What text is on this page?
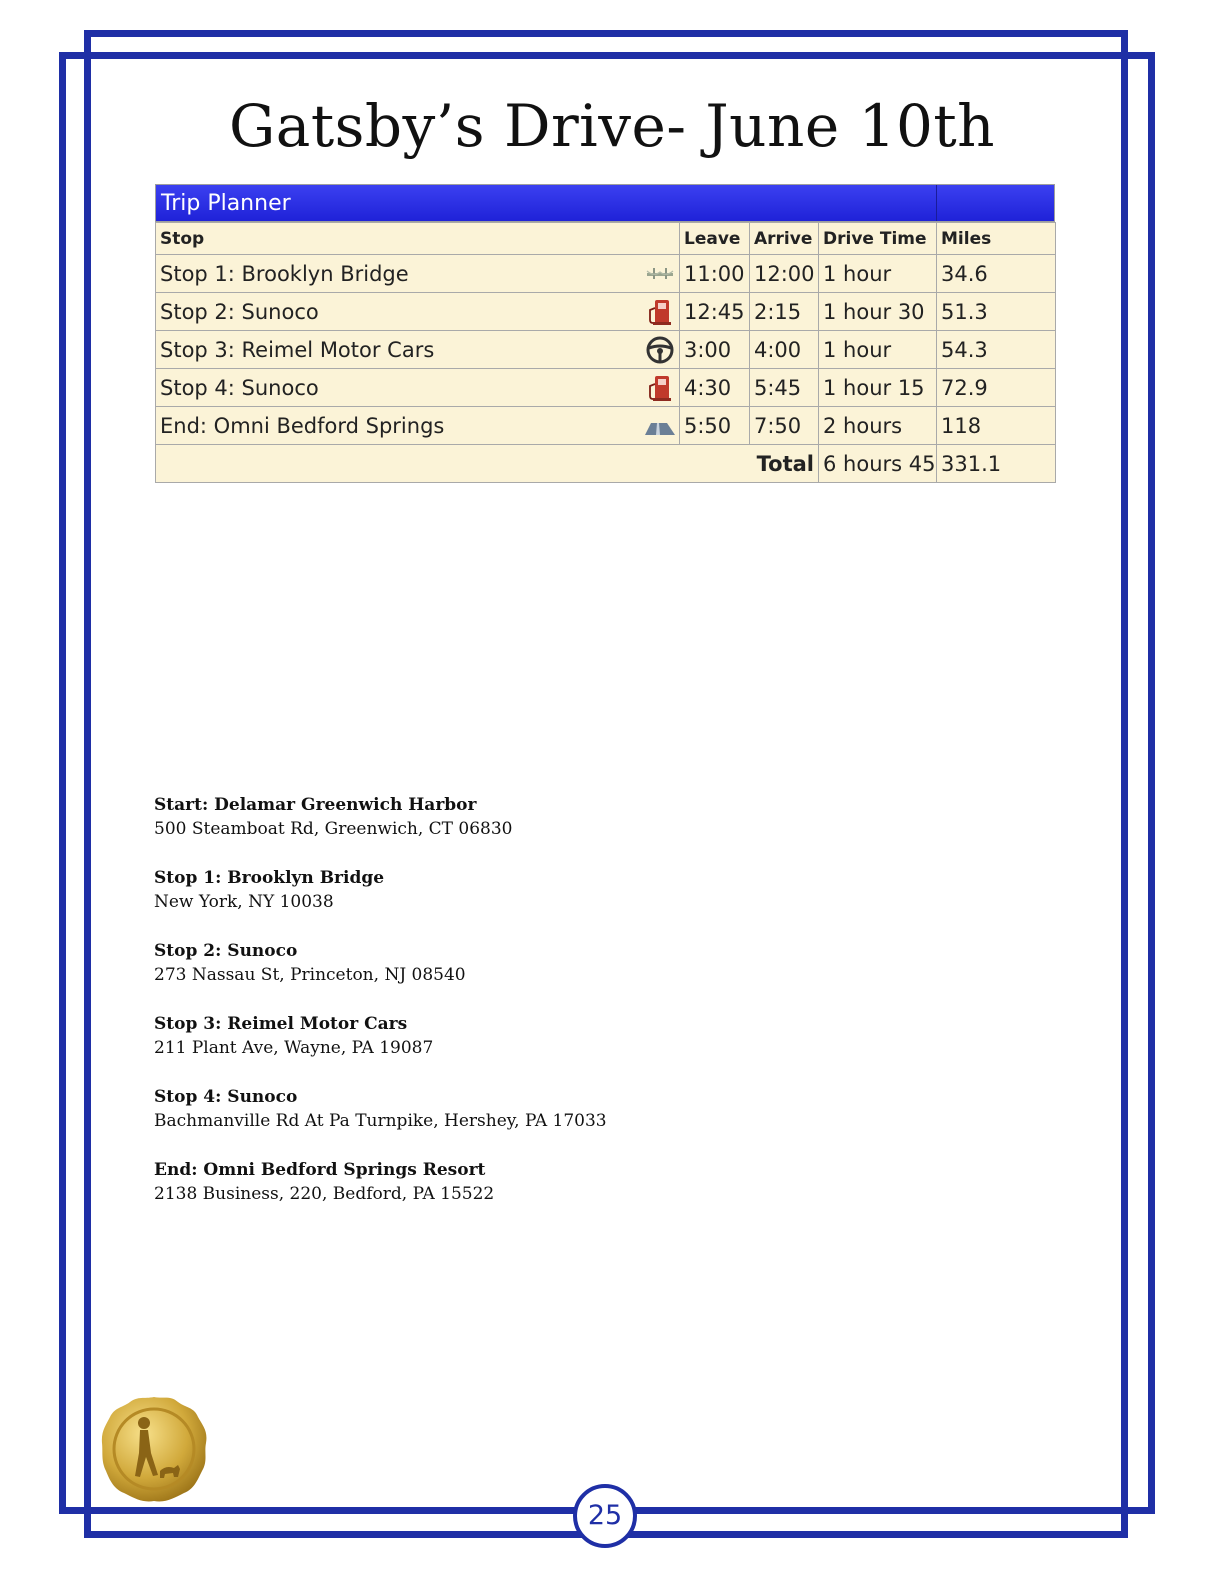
Gatsby’s Drive- June 10th
Trip Planner
Stop	Leave	Arrive	Drive Time	Miles
Stop 1: Brooklyn Bridge	11:00	12:00	1 hour	34.6
Stop 2: Sunoco	12:45	2:15	1 hour 30	51.3
Stop 3: Reimel Motor Cars	3:00	4:00	1 hour	54.3
Stop 4: Sunoco	4:30	5:45	1 hour 15	72.9
End: Omni Bedford Springs	5:50	7:50	2 hours	118
Total			6 hours 45	331.1
Start: Delamar Greenwich Harbor
500 Steamboat Rd, Greenwich, CT 06830
Stop 1: Brooklyn Bridge
New York, NY 10038
Stop 2: Sunoco
273 Nassau St, Princeton, NJ 08540
Stop 3: Reimel Motor Cars
211 Plant Ave, Wayne, PA 19087
Stop 4: Sunoco
Bachmanville Rd At Pa Turnpike, Hershey, PA 17033
End: Omni Bedford Springs Resort
2138 Business, 220, Bedford, PA 15522
25
